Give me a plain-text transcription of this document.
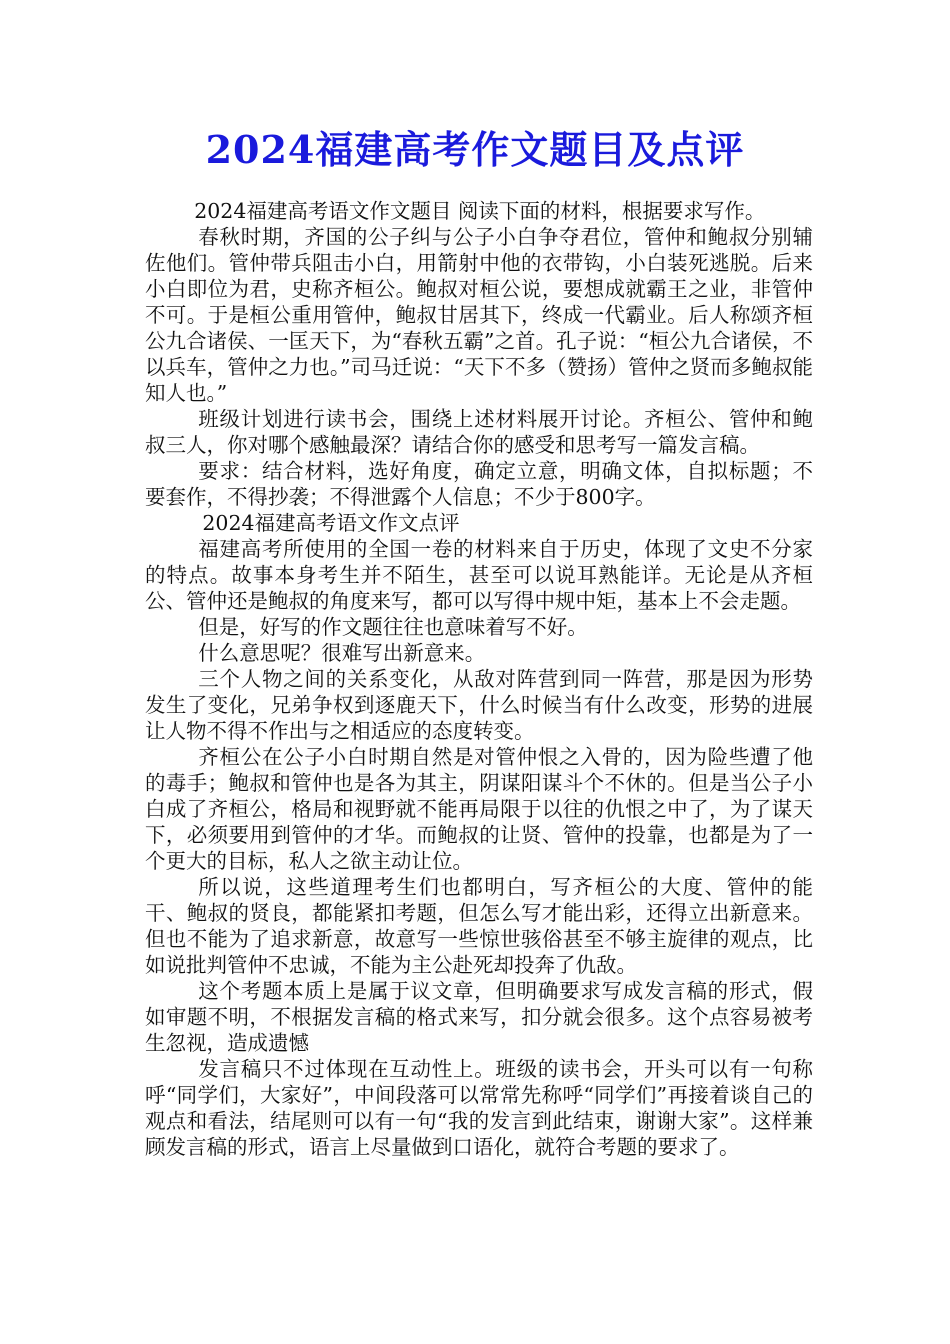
2024福建高考作文题目及点评

2024福建高考语文作文题目 阅读下面的材料，根据要求写作。

春秋时期，齐国的公子纠与公子小白争夺君位，管仲和鲍叔分别辅佐他们。管仲带兵阻击小白，用箭射中他的衣带钩，小白装死逃脱。后来小白即位为君，史称齐桓公。鲍叔对桓公说，要想成就霸王之业，非管仲不可。于是桓公重用管仲，鲍叔甘居其下，终成一代霸业。后人称颂齐桓公九合诸侯、一匡天下，为“春秋五霸”之首。孔子说：“桓公九合诸侯，不以兵车，管仲之力也。”司马迁说：“天下不多（赞扬）管仲之贤而多鲍叔能知人也。”

班级计划进行读书会，围绕上述材料展开讨论。齐桓公、管仲和鲍叔三人，你对哪个感触最深？请结合你的感受和思考写一篇发言稿。

要求：结合材料，选好角度，确定立意，明确文体，自拟标题；不要套作，不得抄袭；不得泄露个人信息；不少于800字。

2024福建高考语文作文点评

福建高考所使用的全国一卷的材料来自于历史，体现了文史不分家的特点。故事本身考生并不陌生，甚至可以说耳熟能详。无论是从齐桓公、管仲还是鲍叔的角度来写，都可以写得中规中矩，基本上不会走题。

但是，好写的作文题往往也意味着写不好。

什么意思呢？很难写出新意来。

三个人物之间的关系变化，从敌对阵营到同一阵营，那是因为形势发生了变化，兄弟争权到逐鹿天下，什么时候当有什么改变，形势的进展让人物不得不作出与之相适应的态度转变。

齐桓公在公子小白时期自然是对管仲恨之入骨的，因为险些遭了他的毒手；鲍叔和管仲也是各为其主，阴谋阳谋斗个不休的。但是当公子小白成了齐桓公，格局和视野就不能再局限于以往的仇恨之中了，为了谋天下，必须要用到管仲的才华。而鲍叔的让贤、管仲的投靠，也都是为了一个更大的目标，私人之欲主动让位。

所以说，这些道理考生们也都明白，写齐桓公的大度、管仲的能干、鲍叔的贤良，都能紧扣考题，但怎么写才能出彩，还得立出新意来。但也不能为了追求新意，故意写一些惊世骇俗甚至不够主旋律的观点，比如说批判管仲不忠诚，不能为主公赴死却投奔了仇敌。

这个考题本质上是属于议文章，但明确要求写成发言稿的形式，假如审题不明，不根据发言稿的格式来写，扣分就会很多。这个点容易被考生忽视，造成遗憾

发言稿只不过体现在互动性上。班级的读书会，开头可以有一句称呼“同学们，大家好”，中间段落可以常常先称呼“同学们”再接着谈自己的观点和看法，结尾则可以有一句“我的发言到此结束，谢谢大家”。这样兼顾发言稿的形式，语言上尽量做到口语化，就符合考题的要求了。
